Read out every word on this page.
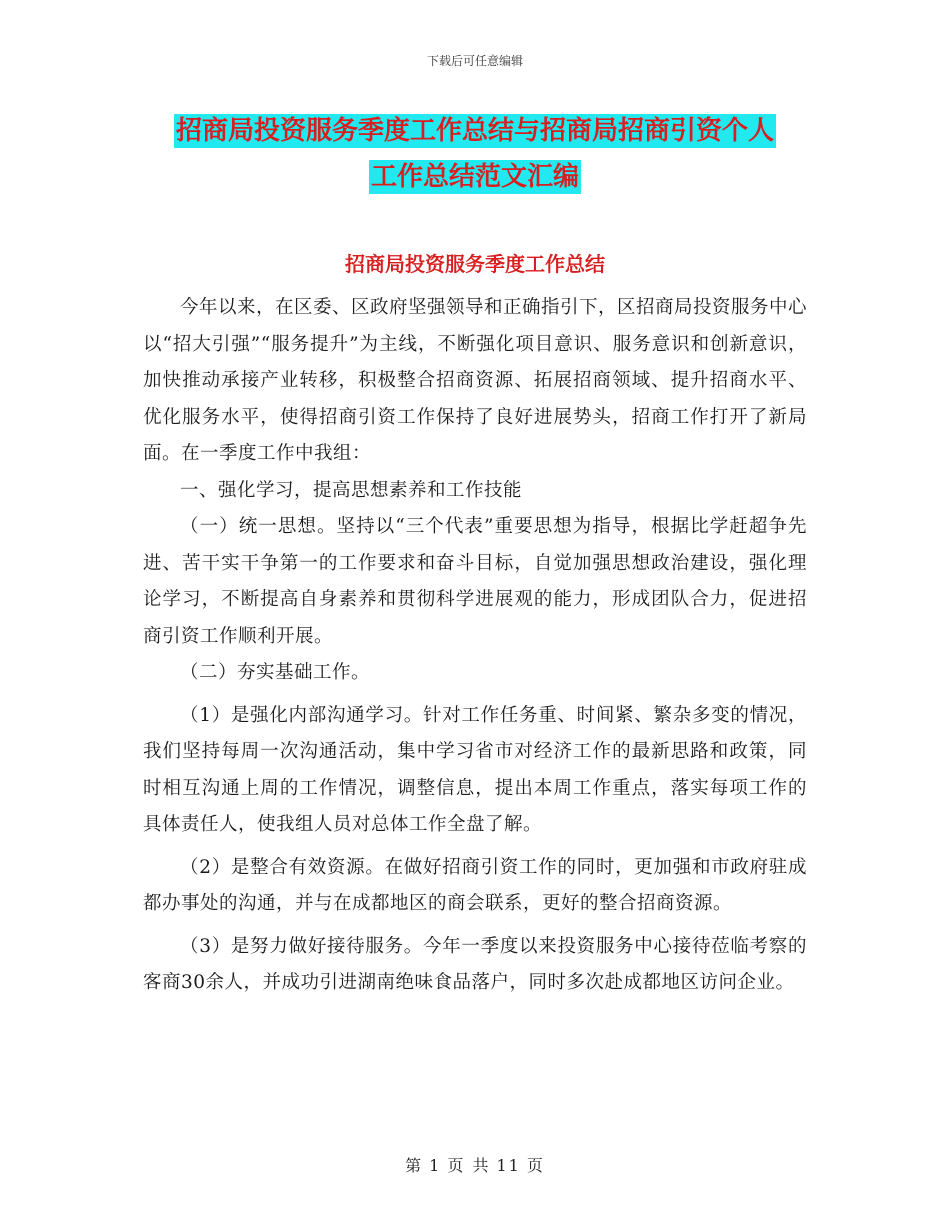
下载后可任意编辑
招商局投资服务季度工作总结与招商局招商引资个人
工作总结范文汇编
招商局投资服务季度工作总结

今年以来，在区委、区政府坚强领导和正确指引下，区招商局投资服务中心以“招大引强”“服务提升”为主线，不断强化项目意识、服务意识和创新意识，加快推动承接产业转移，积极整合招商资源、拓展招商领域、提升招商水平、优化服务水平，使得招商引资工作保持了良好进展势头，招商工作打开了新局面。在一季度工作中我组：

一、强化学习，提高思想素养和工作技能

（一）统一思想。坚持以“三个代表”重要思想为指导，根据比学赶超争先进、苦干实干争第一的工作要求和奋斗目标，自觉加强思想政治建设，强化理论学习，不断提高自身素养和贯彻科学进展观的能力，形成团队合力，促进招商引资工作顺利开展。

（二）夯实基础工作。

（1）是强化内部沟通学习。针对工作任务重、时间紧、繁杂多变的情况，我们坚持每周一次沟通活动，集中学习省市对经济工作的最新思路和政策，同时相互沟通上周的工作情况，调整信息，提出本周工作重点，落实每项工作的具体责任人，使我组人员对总体工作全盘了解。

（2）是整合有效资源。在做好招商引资工作的同时，更加强和市政府驻成都办事处的沟通，并与在成都地区的商会联系，更好的整合招商资源。

（3）是努力做好接待服务。今年一季度以来投资服务中心接待莅临考察的客商30余人，并成功引进湖南绝味食品落户，同时多次赴成都地区访问企业。

第 1 页 共 11 页
